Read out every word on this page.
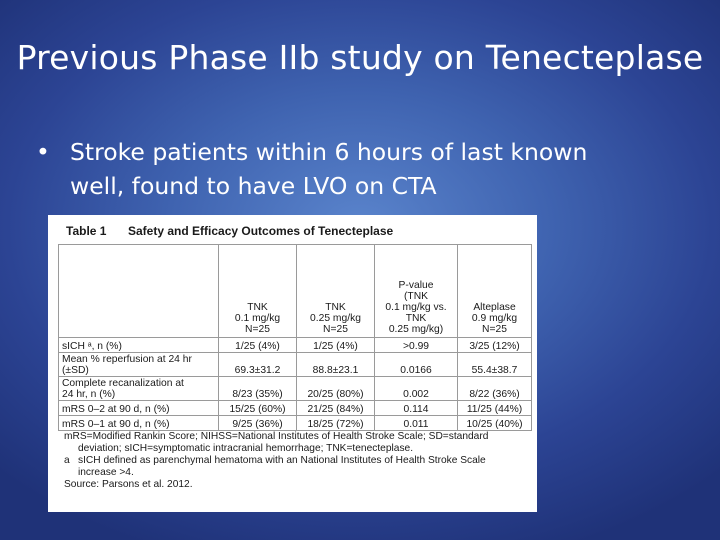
Previous Phase IIb study on Tenecteplase
• Stroke patients within 6 hours of last known
well, found to have LVO on CTA
Table 1 Safety and Efficacy Outcomes of Tenecteplase

	TNK
0.1 mg/kg
N=25	TNK
0.25 mg/kg
N=25	P-value
(TNK
0.1 mg/kg vs.
TNK
0.25 mg/kg)	Alteplase
0.9 mg/kg
N=25

sICH ᵃ, n (%)	1/25 (4%)	1/25 (4%)	>0.99	3/25 (12%)

Mean % reperfusion at 24 hr
(±SD)	69.3±31.2	88.8±23.1	0.0166	55.4±38.7

Complete recanalization at
24 hr, n (%)	8/23 (35%)	20/25 (80%)	0.002	8/22 (36%)
mRS 0–2 at 90 d, n (%)	15/25 (60%)	21/25 (84%)	0.114	11/25 (44%)
mRS 0–1 at 90 d, n (%)	9/25 (36%)	18/25 (72%)	0.011	10/25 (40%)
mRS=Modified Rankin Score; NIHSS=National Institutes of Health Stroke Scale; SD=standard
deviation; sICH=symptomatic intracranial hemorrhage; TNK=tenecteplase.
a sICH defined as parenchymal hematoma with an National Institutes of Health Stroke Scale
increase >4.
Source: Parsons et al. 2012.
